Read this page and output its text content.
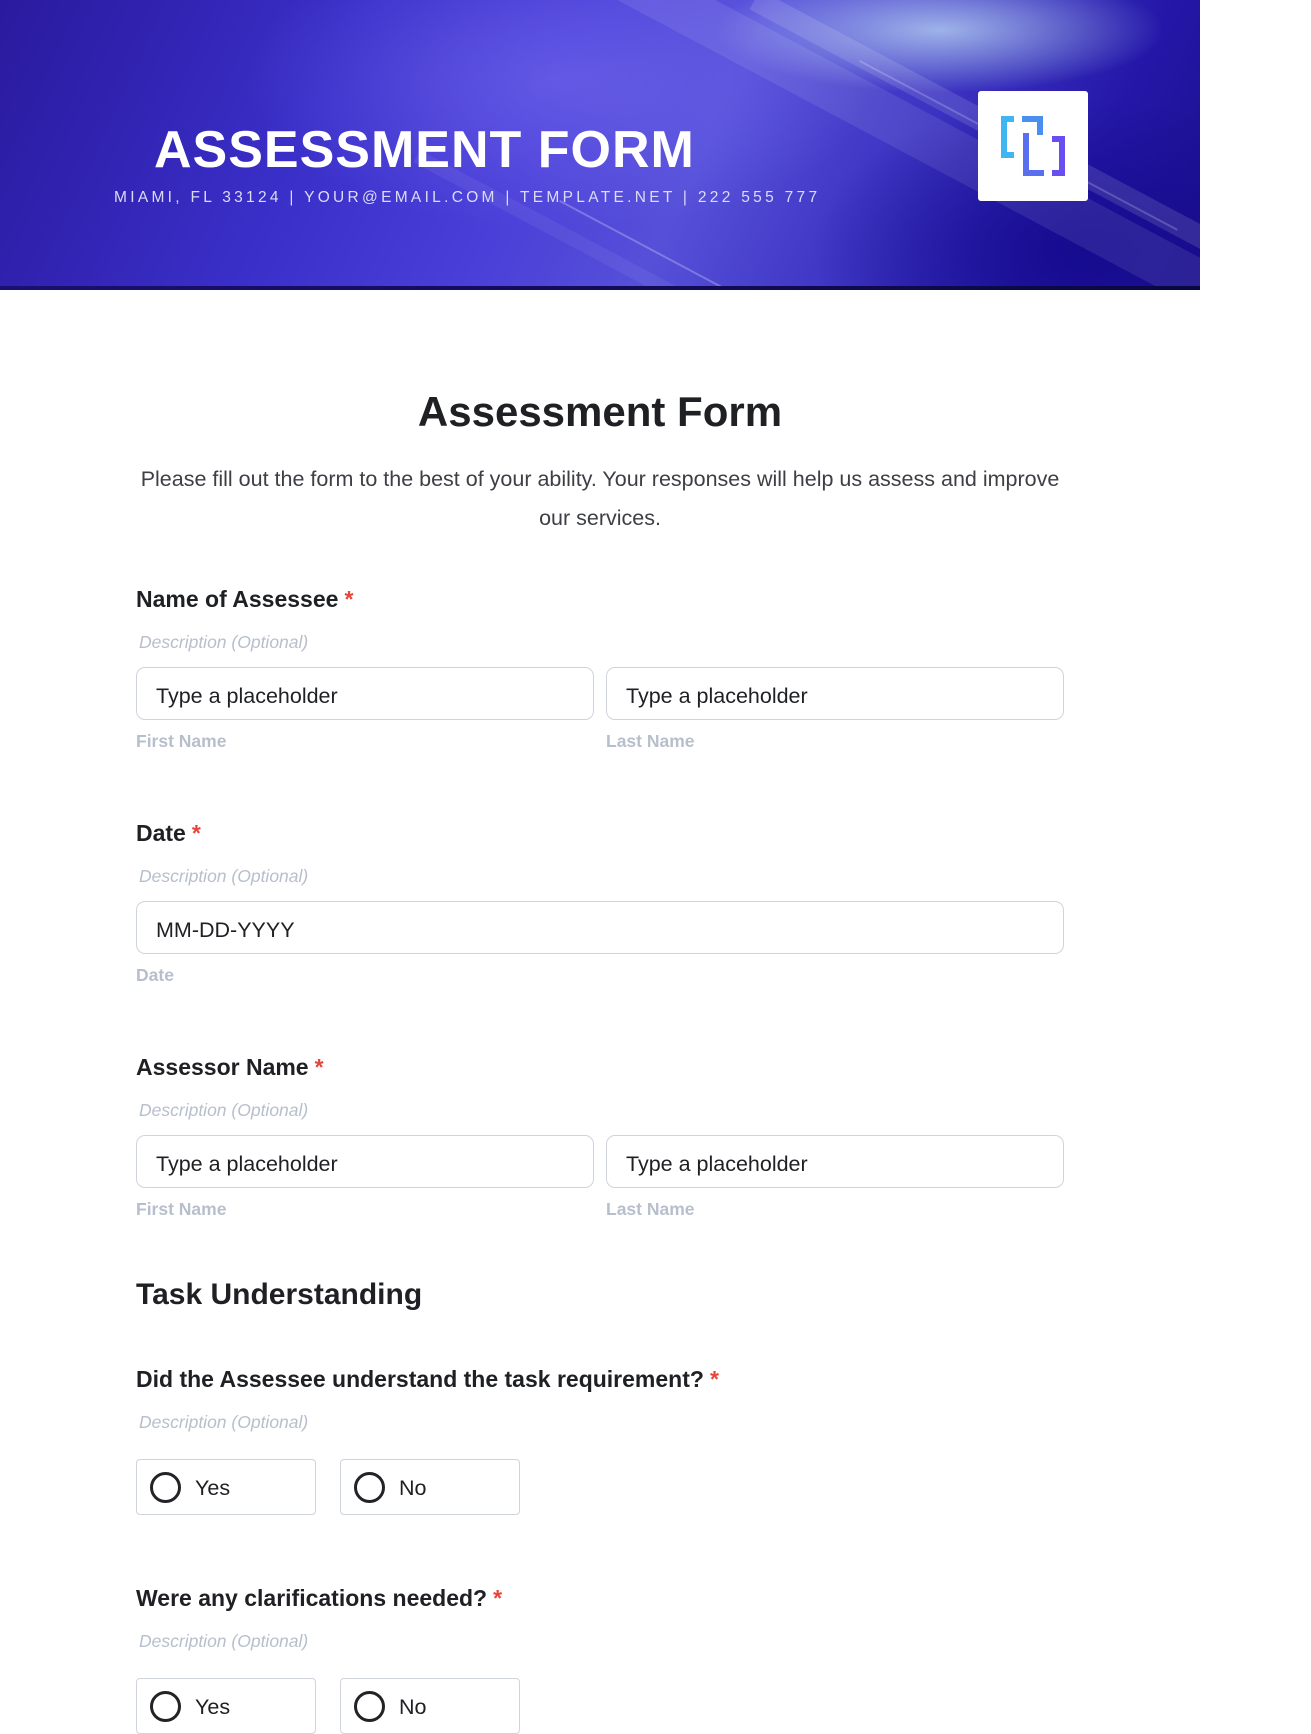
ASSESSMENT FORM
MIAMI, FL 33124 | YOUR@EMAIL.COM | TEMPLATE.NET | 222 555 777
Assessment Form

Please fill out the form to the best of your ability. Your responses will help us assess and improve our services.

Name of Assessee *
Description (Optional)
Type a placeholder	Type a placeholder
First Name	Last Name
Date *
Description (Optional)
MM-DD-YYYY
Date
Assessor Name *
Description (Optional)
Type a placeholder	Type a placeholder
First Name	Last Name
Task Understanding
Did the Assessee understand the task requirement? *
Description (Optional)
Yes	No
Were any clarifications needed? *
Description (Optional)
Yes	No
